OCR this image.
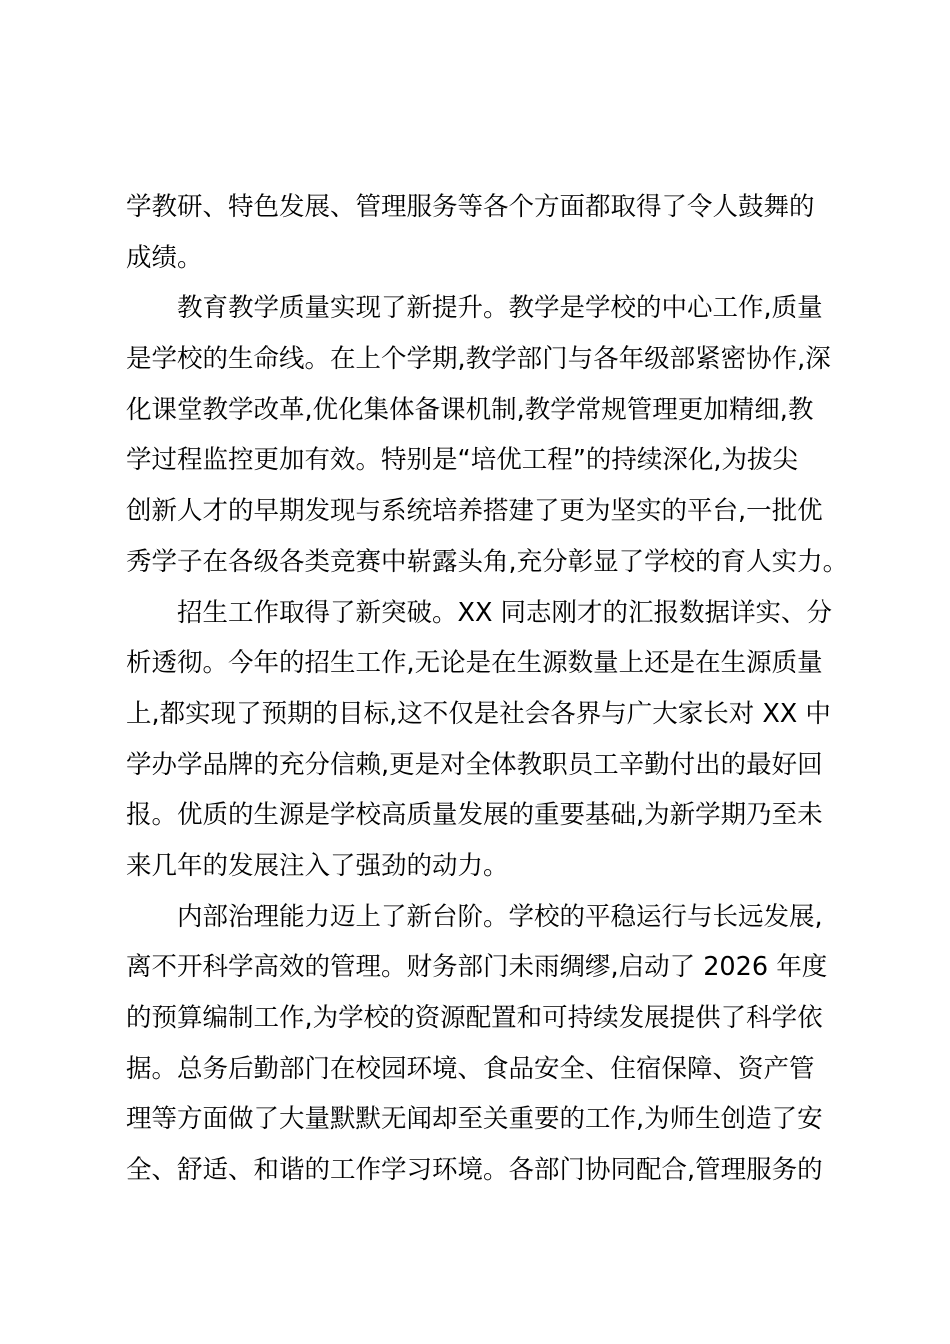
学教研、特色发展、管理服务等各个方面都取得了令人鼓舞的
成绩。
教育教学质量实现了新提升。教学是学校的中心工作,质量
是学校的生命线。在上个学期,教学部门与各年级部紧密协作,深
化课堂教学改革,优化集体备课机制,教学常规管理更加精细,教
学过程监控更加有效。特别是“培优工程”的持续深化,为拔尖
创新人才的早期发现与系统培养搭建了更为坚实的平台,一批优
秀学子在各级各类竞赛中崭露头角,充分彰显了学校的育人实力。
招生工作取得了新突破。XX 同志刚才的汇报数据详实、分
析透彻。今年的招生工作,无论是在生源数量上还是在生源质量
上,都实现了预期的目标,这不仅是社会各界与广大家长对 XX 中
学办学品牌的充分信赖,更是对全体教职员工辛勤付出的最好回
报。优质的生源是学校高质量发展的重要基础,为新学期乃至未
来几年的发展注入了强劲的动力。
内部治理能力迈上了新台阶。学校的平稳运行与长远发展,
离不开科学高效的管理。财务部门未雨绸缪,启动了 2026 年度
的预算编制工作,为学校的资源配置和可持续发展提供了科学依
据。总务后勤部门在校园环境、食品安全、住宿保障、资产管
理等方面做了大量默默无闻却至关重要的工作,为师生创造了安
全、舒适、和谐的工作学习环境。各部门协同配合,管理服务的
